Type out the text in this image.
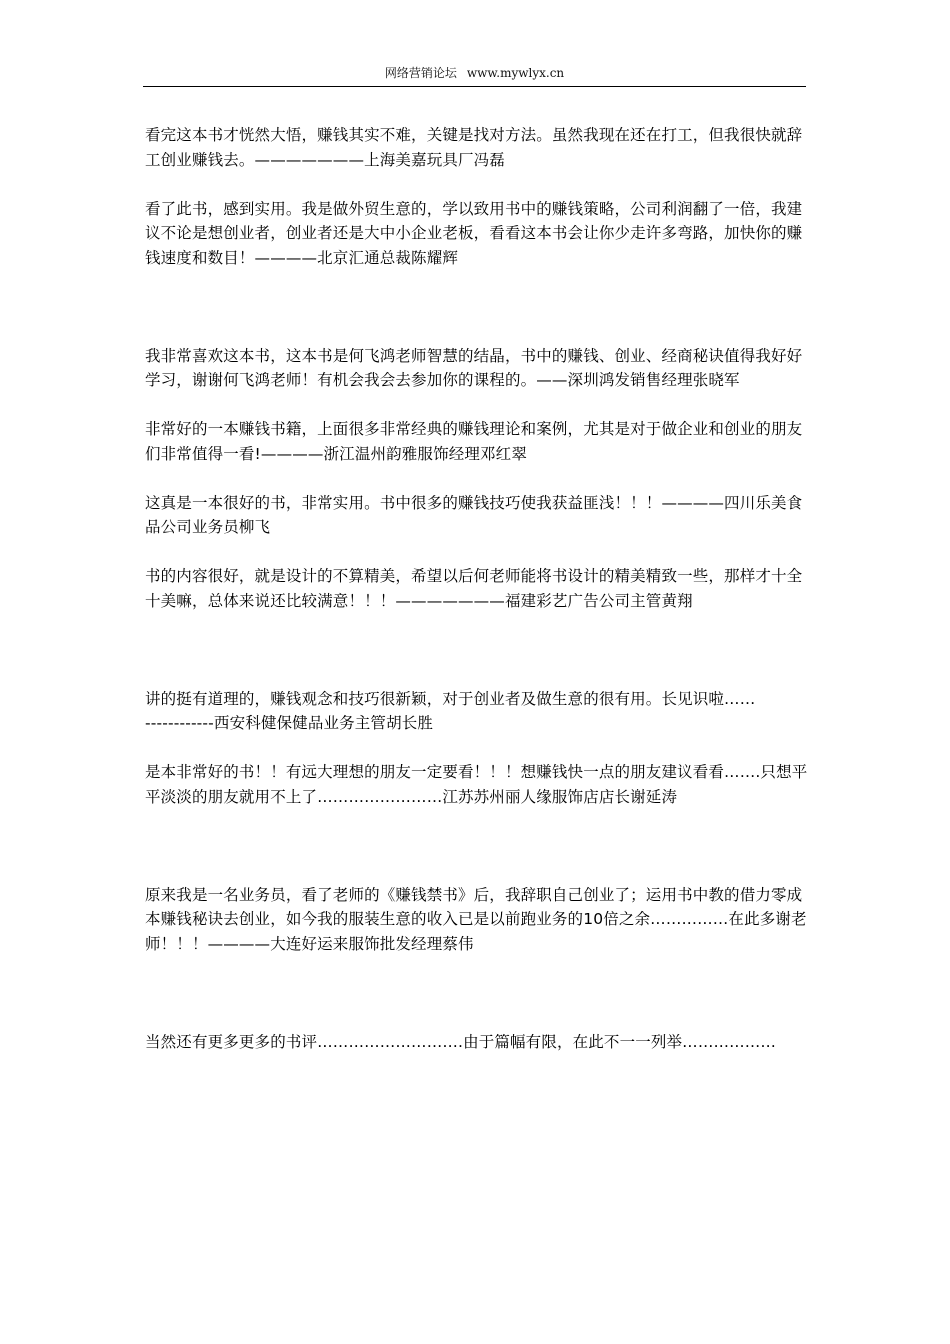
网络营销论坛 www.mywlyx.cn

看完这本书才恍然大悟，赚钱其实不难，关键是找对方法。虽然我现在还在打工，但我很快就辞工创业赚钱去。———————上海美嘉玩具厂冯磊

看了此书，感到实用。我是做外贸生意的，学以致用书中的赚钱策略，公司利润翻了一倍，我建议不论是想创业者，创业者还是大中小企业老板，看看这本书会让你少走许多弯路，加快你的赚钱速度和数目！————北京汇通总裁陈耀辉

我非常喜欢这本书，这本书是何飞鸿老师智慧的结晶，书中的赚钱、创业、经商秘诀值得我好好学习，谢谢何飞鸿老师！有机会我会去参加你的课程的。——深圳鸿发销售经理张晓军

非常好的一本赚钱书籍，上面很多非常经典的赚钱理论和案例，尤其是对于做企业和创业的朋友们非常值得一看!————浙江温州韵雅服饰经理邓红翠

这真是一本很好的书，非常实用。书中很多的赚钱技巧使我获益匪浅！！！————四川乐美食品公司业务员柳飞

书的内容很好，就是设计的不算精美，希望以后何老师能将书设计的精美精致一些，那样才十全十美嘛，总体来说还比较满意！！！———————福建彩艺广告公司主管黄翔

讲的挺有道理的，赚钱观念和技巧很新颖，对于创业者及做生意的很有用。长见识啦……

------------西安科健保健品业务主管胡长胜

是本非常好的书！！有远大理想的朋友一定要看！！！想赚钱快一点的朋友建议看看…….只想平平淡淡的朋友就用不上了……………………江苏苏州丽人缘服饰店店长谢延涛

原来我是一名业务员，看了老师的《赚钱禁书》后，我辞职自己创业了；运用书中教的借力零成本赚钱秘诀去创业，如今我的服装生意的收入已是以前跑业务的10倍之余……………在此多谢老师！！！————大连好运来服饰批发经理蔡伟

当然还有更多更多的书评……………………….由于篇幅有限，在此不一一列举………………
